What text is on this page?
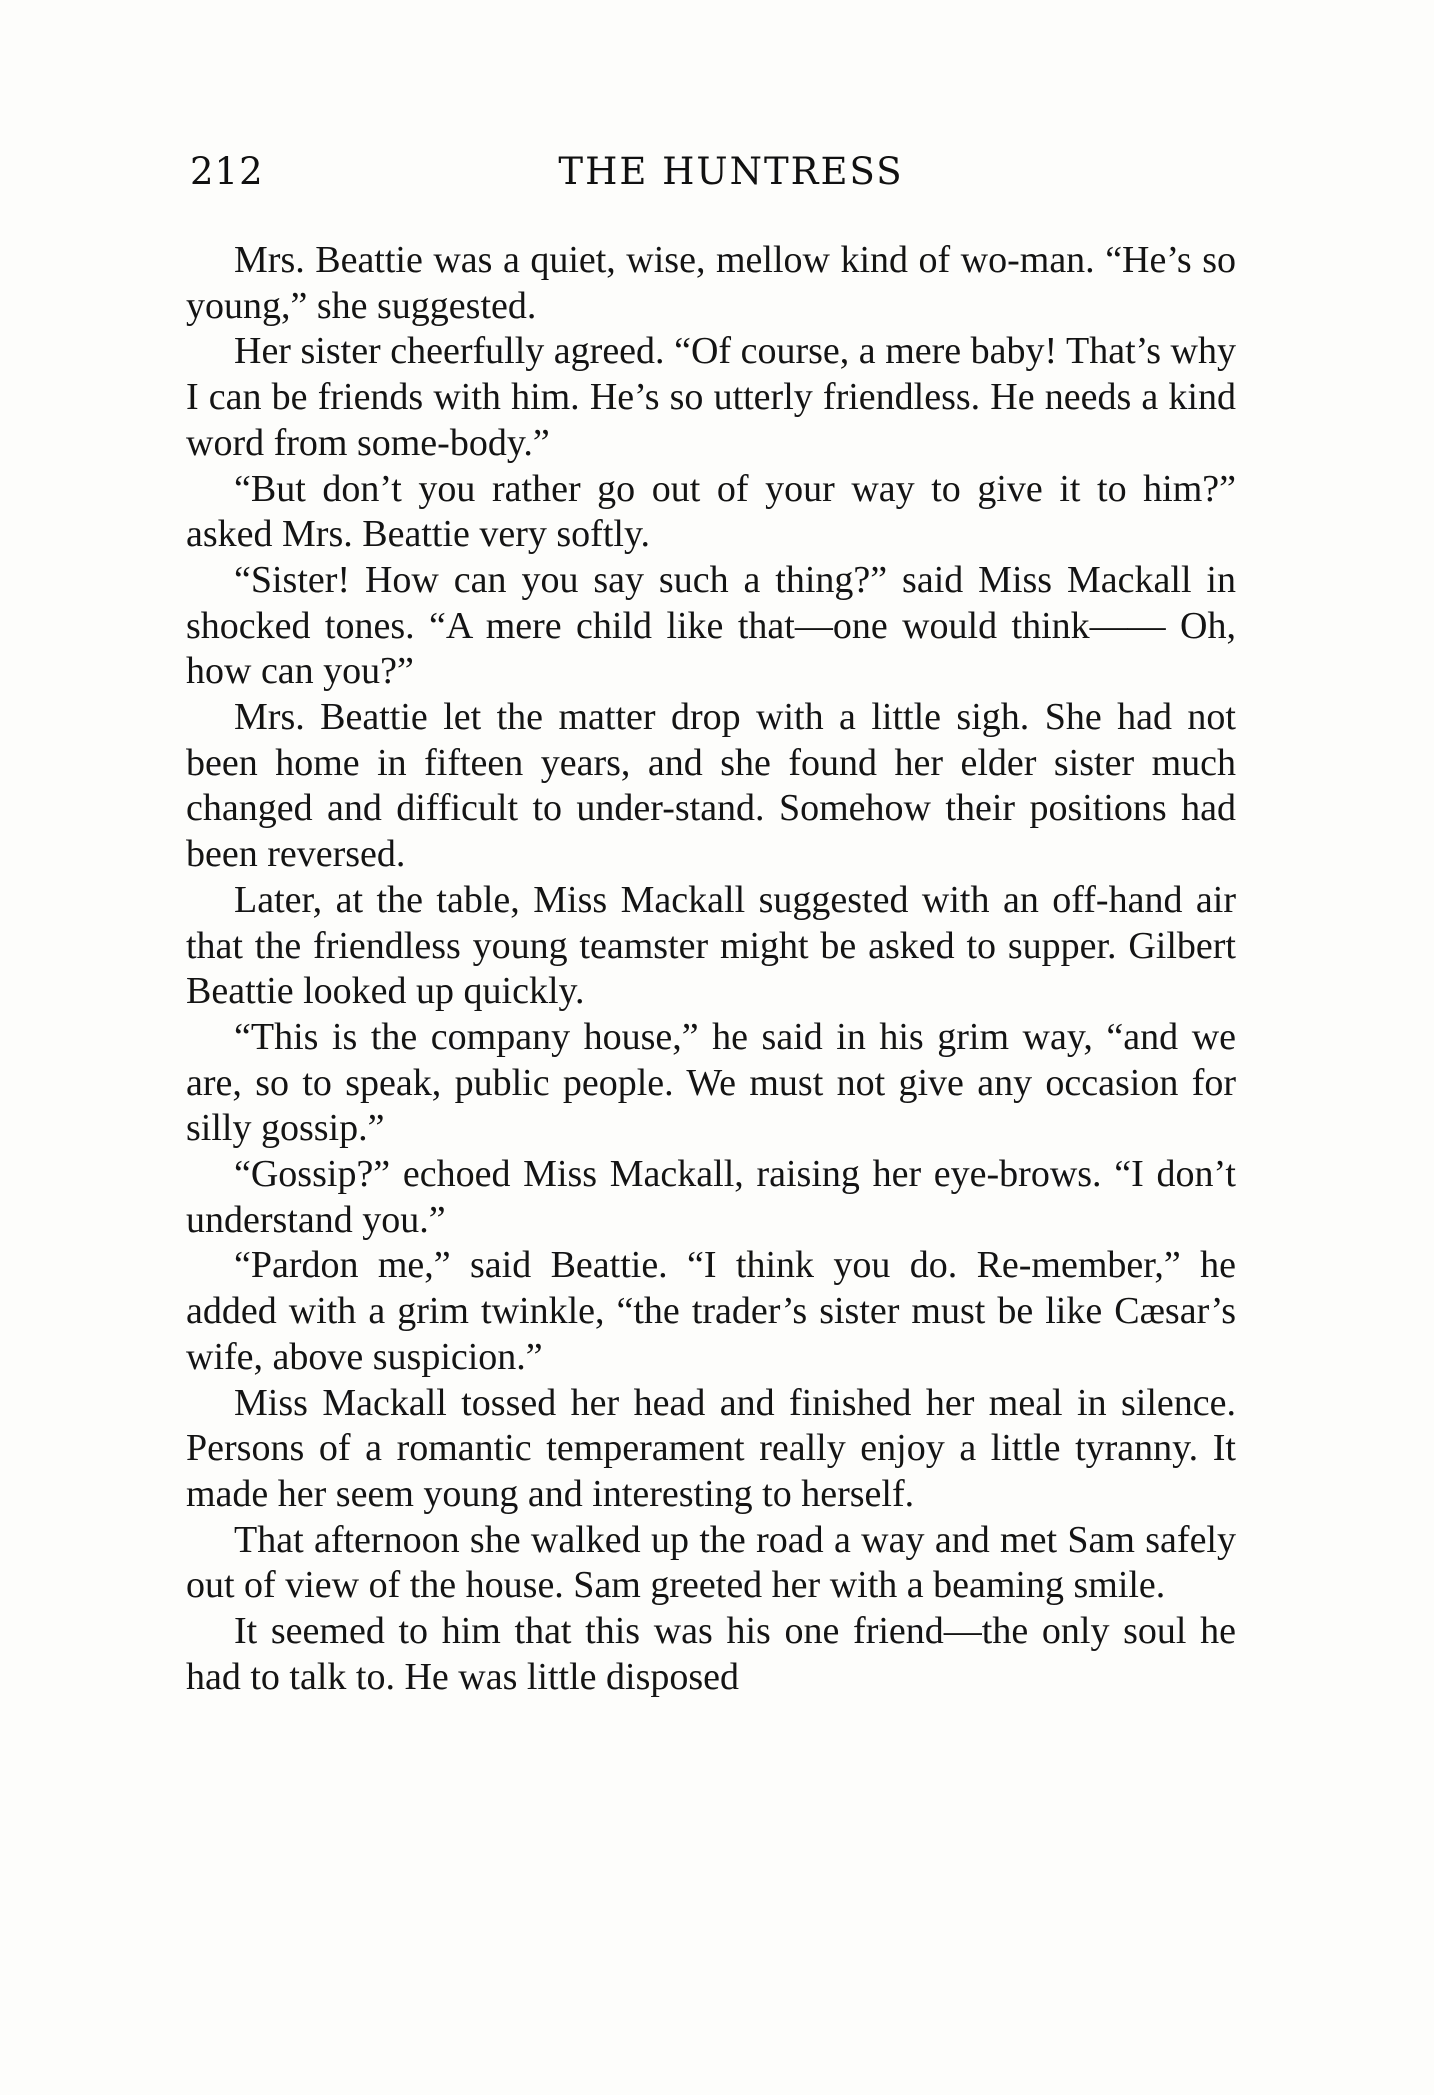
212	THE HUNTRESS

Mrs. Beattie was a quiet, wise, mellow kind of wo-man. “He’s so young,” she suggested.

Her sister cheerfully agreed. “Of course, a mere baby! That’s why I can be friends with him. He’s so utterly friendless. He needs a kind word from some-body.”

“But don’t you rather go out of your way to give it to him?” asked Mrs. Beattie very softly.

“Sister! How can you say such a thing?” said Miss Mackall in shocked tones. “A mere child like that—one would think—— Oh, how can you?”

Mrs. Beattie let the matter drop with a little sigh. She had not been home in fifteen years, and she found her elder sister much changed and difficult to under-stand. Somehow their positions had been reversed.

Later, at the table, Miss Mackall suggested with an off-hand air that the friendless young teamster might be asked to supper. Gilbert Beattie looked up quickly.

“This is the company house,” he said in his grim way, “and we are, so to speak, public people. We must not give any occasion for silly gossip.”

“Gossip?” echoed Miss Mackall, raising her eye-brows. “I don’t understand you.”

“Pardon me,” said Beattie. “I think you do. Re-member,” he added with a grim twinkle, “the trader’s sister must be like Cæsar’s wife, above suspicion.”

Miss Mackall tossed her head and finished her meal in silence. Persons of a romantic temperament really enjoy a little tyranny. It made her seem young and interesting to herself.

That afternoon she walked up the road a way and met Sam safely out of view of the house. Sam greeted her with a beaming smile.

It seemed to him that this was his one friend—the only soul he had to talk to. He was little disposed
